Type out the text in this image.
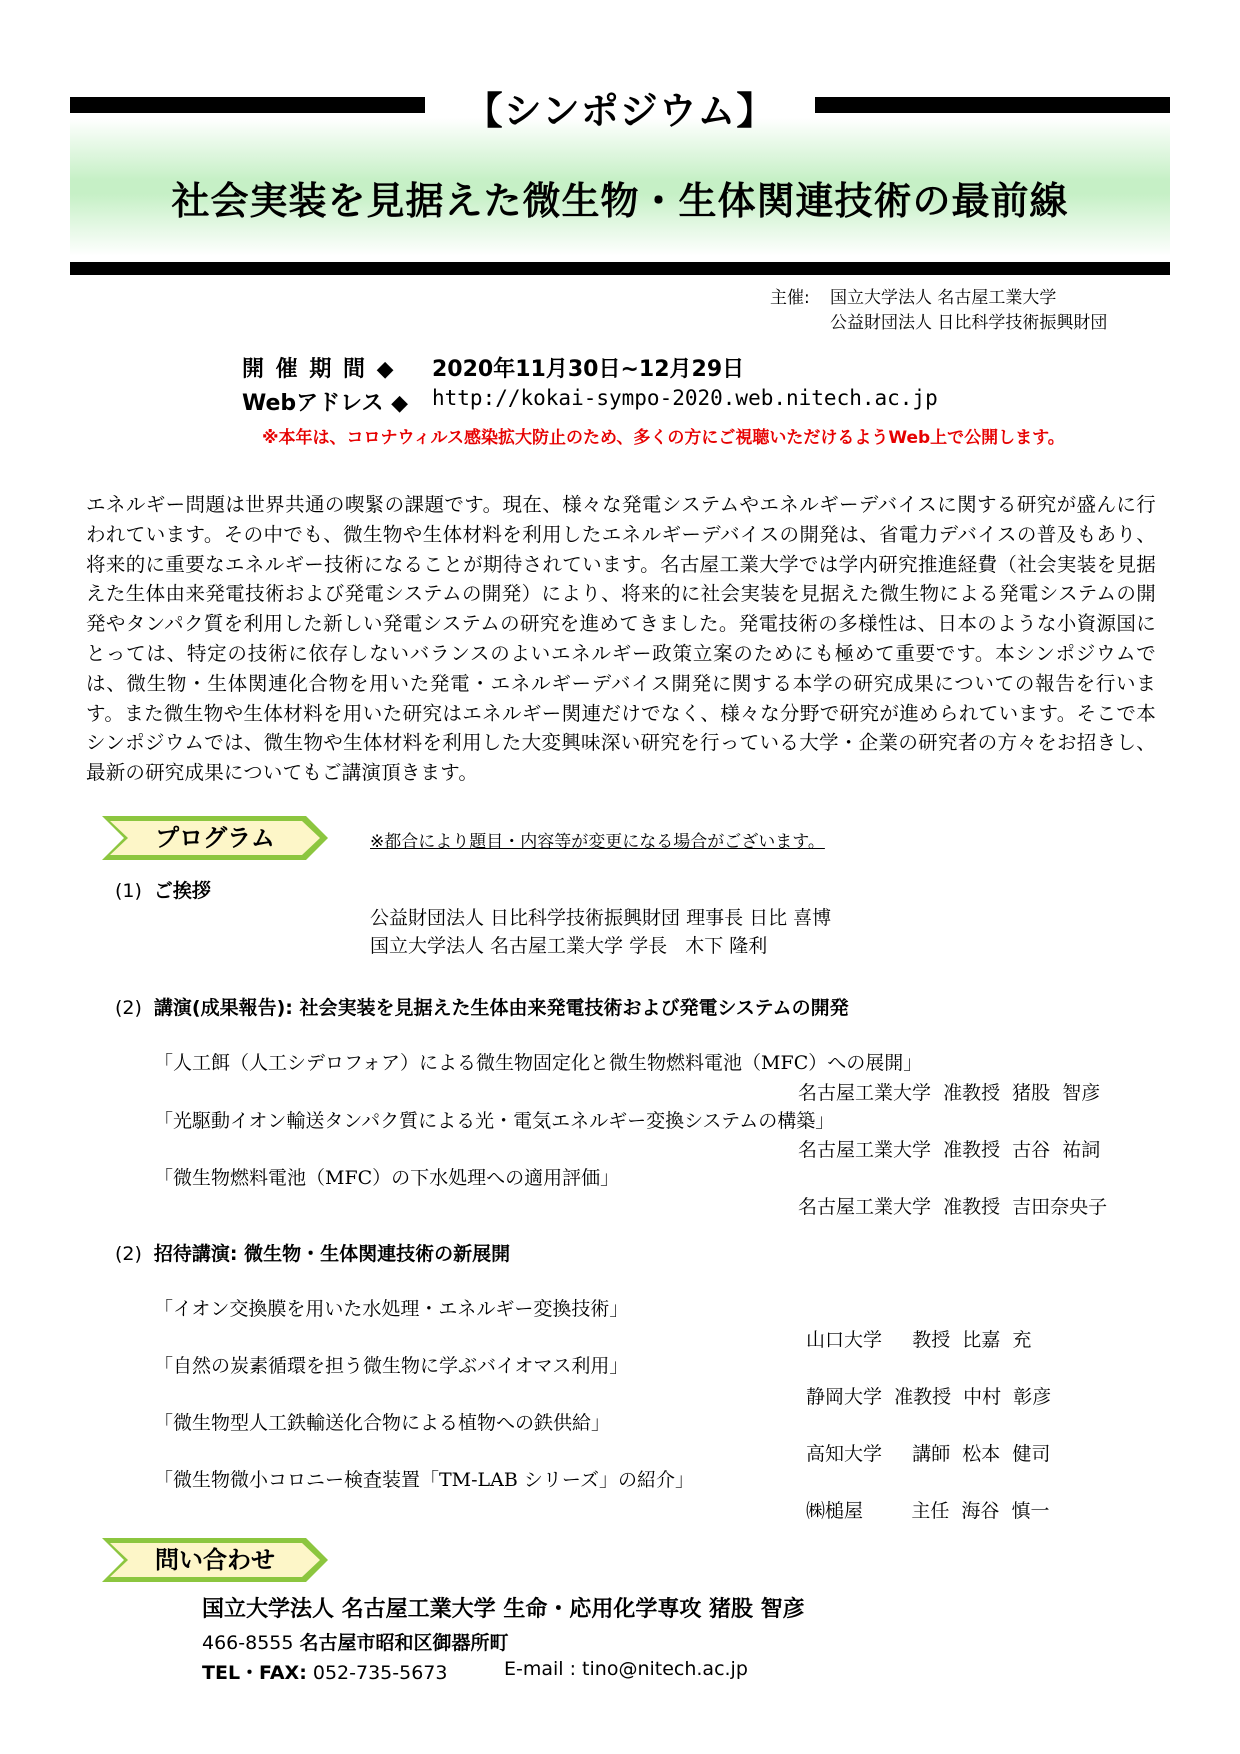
【シンポジウム】
社会実装を見据えた微生物・生体関連技術の最前線
主催: 国立大学法人 名古屋工業大学
公益財団法人 日比科学技術振興財団
開 催 期 間 ◆ 2020年11月30日~12月29日
Webアドレス ◆ http://kokai-sympo-2020.web.nitech.ac.jp
※本年は、コロナウィルス感染拡大防止のため、多くの方にご視聴いただけるようWeb上で公開します。
エネルギー問題は世界共通の喫緊の課題です。現在、様々な発電システムやエネルギーデバイスに関する研究が盛んに行われています。その中でも、微生物や生体材料を利用したエネルギーデバイスの開発は、省電力デバイスの普及もあり、将来的に重要なエネルギー技術になることが期待されています。名古屋工業大学では学内研究推進経費（社会実装を見据えた生体由来発電技術および発電システムの開発）により、将来的に社会実装を見据えた微生物による発電システムの開発やタンパク質を利用した新しい発電システムの研究を進めてきました。発電技術の多様性は、日本のような小資源国にとっては、特定の技術に依存しないバランスのよいエネルギー政策立案のためにも極めて重要です。本シンポジウムでは、微生物・生体関連化合物を用いた発電・エネルギーデバイス開発に関する本学の研究成果についての報告を行います。また微生物や生体材料を用いた研究はエネルギー関連だけでなく、様々な分野で研究が進められています。そこで本シンポジウムでは、微生物や生体材料を利用した大変興味深い研究を行っている大学・企業の研究者の方々をお招きし、最新の研究成果についてもご講演頂きます。
プログラム	※都合により題目・内容等が変更になる場合がございます。
(1) ご挨拶
公益財団法人 日比科学技術振興財団 理事長 日比 喜博
国立大学法人 名古屋工業大学 学長   木下 隆利
(2) 講演(成果報告): 社会実装を見据えた生体由来発電技術および発電システムの開発
「人工餌（人工シデロフォア）による微生物固定化と微生物燃料電池（MFC）への展開」
名古屋工業大学  准教授  猪股  智彦
「光駆動イオン輸送タンパク質による光・電気エネルギー変換システムの構築」
名古屋工業大学  准教授  古谷  祐詞
「微生物燃料電池（MFC）の下水処理への適用評価」
名古屋工業大学  准教授  吉田奈央子
(2) 招待講演: 微生物・生体関連技術の新展開
「イオン交換膜を用いた水処理・エネルギー変換技術」
山口大学     教授  比嘉  充
「自然の炭素循環を担う微生物に学ぶバイオマス利用」
静岡大学  准教授  中村  彰彦
「微生物型人工鉄輸送化合物による植物への鉄供給」
高知大学     講師  松本  健司
「微生物微小コロニー検査装置「TM-LAB シリーズ」の紹介」
㈱槌屋        主任  海谷  慎一
問い合わせ
国立大学法人 名古屋工業大学 生命・応用化学専攻 猪股 智彦
466-8555 名古屋市昭和区御器所町
TEL・FAX: 052-735-5673	E-mail : tino@nitech.ac.jp
